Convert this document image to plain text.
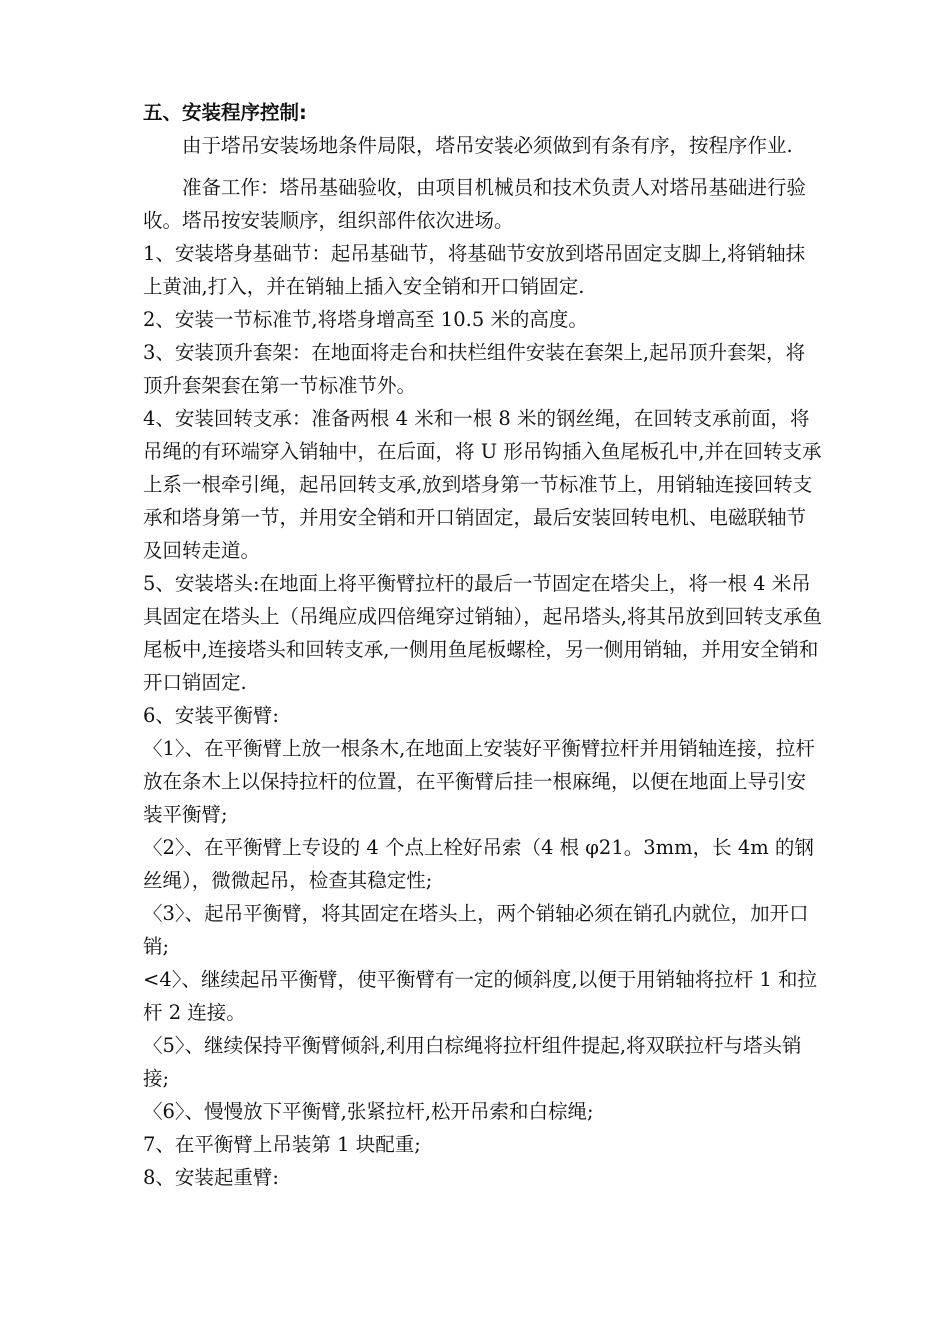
五、安装程序控制:

由于塔吊安装场地条件局限，塔吊安装必须做到有条有序，按程序作业.

准备工作：塔吊基础验收，由项目机械员和技术负责人对塔吊基础进行验收。塔吊按安装顺序，组织部件依次进场。

1、安装塔身基础节：起吊基础节，将基础节安放到塔吊固定支脚上,将销轴抹上黄油,打入，并在销轴上插入安全销和开口销固定.

2、安装一节标准节,将塔身增高至 10.5 米的高度。

3、安装顶升套架：在地面将走台和扶栏组件安装在套架上,起吊顶升套架，将顶升套架套在第一节标准节外。

4、安装回转支承：准备两根 4 米和一根 8 米的钢丝绳，在回转支承前面，将吊绳的有环端穿入销轴中，在后面，将 U 形吊钩插入鱼尾板孔中,并在回转支承上系一根牵引绳，起吊回转支承,放到塔身第一节标准节上，用销轴连接回转支承和塔身第一节，并用安全销和开口销固定，最后安装回转电机、电磁联轴节及回转走道。

5、安装塔头:在地面上将平衡臂拉杆的最后一节固定在塔尖上，将一根 4 米吊具固定在塔头上（吊绳应成四倍绳穿过销轴），起吊塔头,将其吊放到回转支承鱼尾板中,连接塔头和回转支承,一侧用鱼尾板螺栓，另一侧用销轴，并用安全销和开口销固定.

6、安装平衡臂:

〈1〉、在平衡臂上放一根条木,在地面上安装好平衡臂拉杆并用销轴连接，拉杆放在条木上以保持拉杆的位置，在平衡臂后挂一根麻绳，以便在地面上导引安装平衡臂;

〈2〉、在平衡臂上专设的 4 个点上栓好吊索（4 根 φ21。3mm，长 4m 的钢丝绳），微微起吊，检查其稳定性;

〈3〉、起吊平衡臂，将其固定在塔头上，两个销轴必须在销孔内就位，加开口销;

<4〉、继续起吊平衡臂，使平衡臂有一定的倾斜度,以便于用销轴将拉杆 1 和拉杆 2 连接。

〈5〉、继续保持平衡臂倾斜,利用白棕绳将拉杆组件提起,将双联拉杆与塔头销接;

〈6〉、慢慢放下平衡臂,张紧拉杆,松开吊索和白棕绳;

7、在平衡臂上吊装第 1 块配重;

8、安装起重臂:
